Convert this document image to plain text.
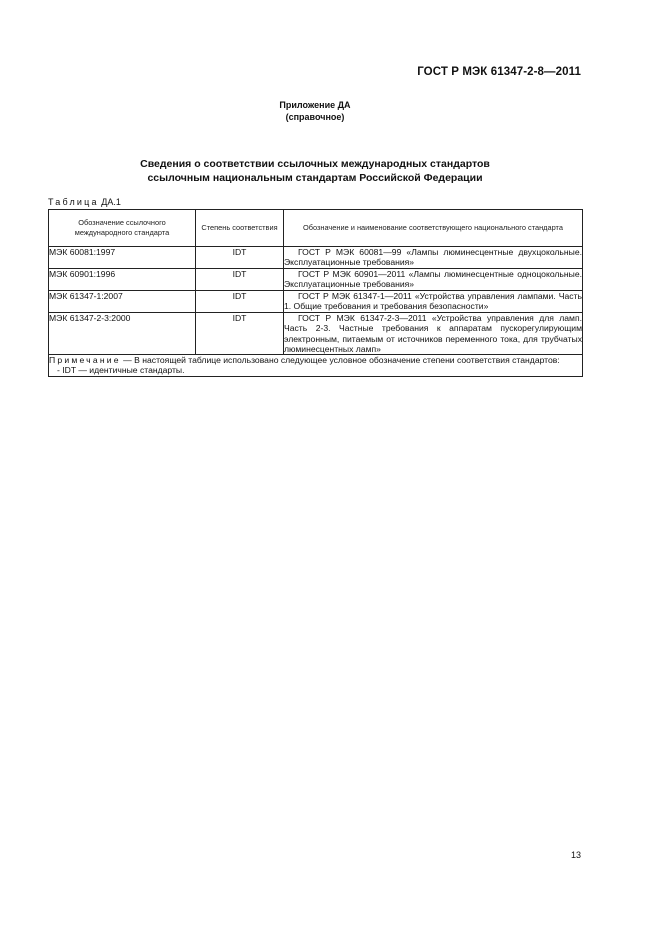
ГОСТ Р МЭК 61347-2-8—2011
Приложение ДА
(справочное)
Сведения о соответствии ссылочных международных стандартов
ссылочным национальным стандартам Российской Федерации
Таблица ДА.1
Обозначение ссылочного международного стандарта	Степень соответствия	Обозначение и наименование соответствующего национального стандарта
МЭК 60081:1997	IDT	ГОСТ Р МЭК 60081—99 «Лампы люминесцентные двухцокольные. Эксплуатационные требования»
МЭК 60901:1996	IDT	ГОСТ Р МЭК 60901—2011 «Лампы люминесцентные одноцокольные. Эксплуатационные требования»
МЭК 61347-1:2007	IDT	ГОСТ Р МЭК 61347-1—2011 «Устройства управления лампами. Часть 1. Общие требования и требования безопасности»
МЭК 61347-2-3:2000	IDT	ГОСТ Р МЭК 61347-2-3—2011 «Устройства управления для ламп. Часть 2-3. Частные требования к аппаратам пускорегулирующим электронным, питаемым от источников переменного тока, для трубчатых люминесцентных ламп»
Примечание — В настоящей таблице использовано следующее условное обозначение степени соответствия стандартов:
- IDT — идентичные стандарты.		
13
